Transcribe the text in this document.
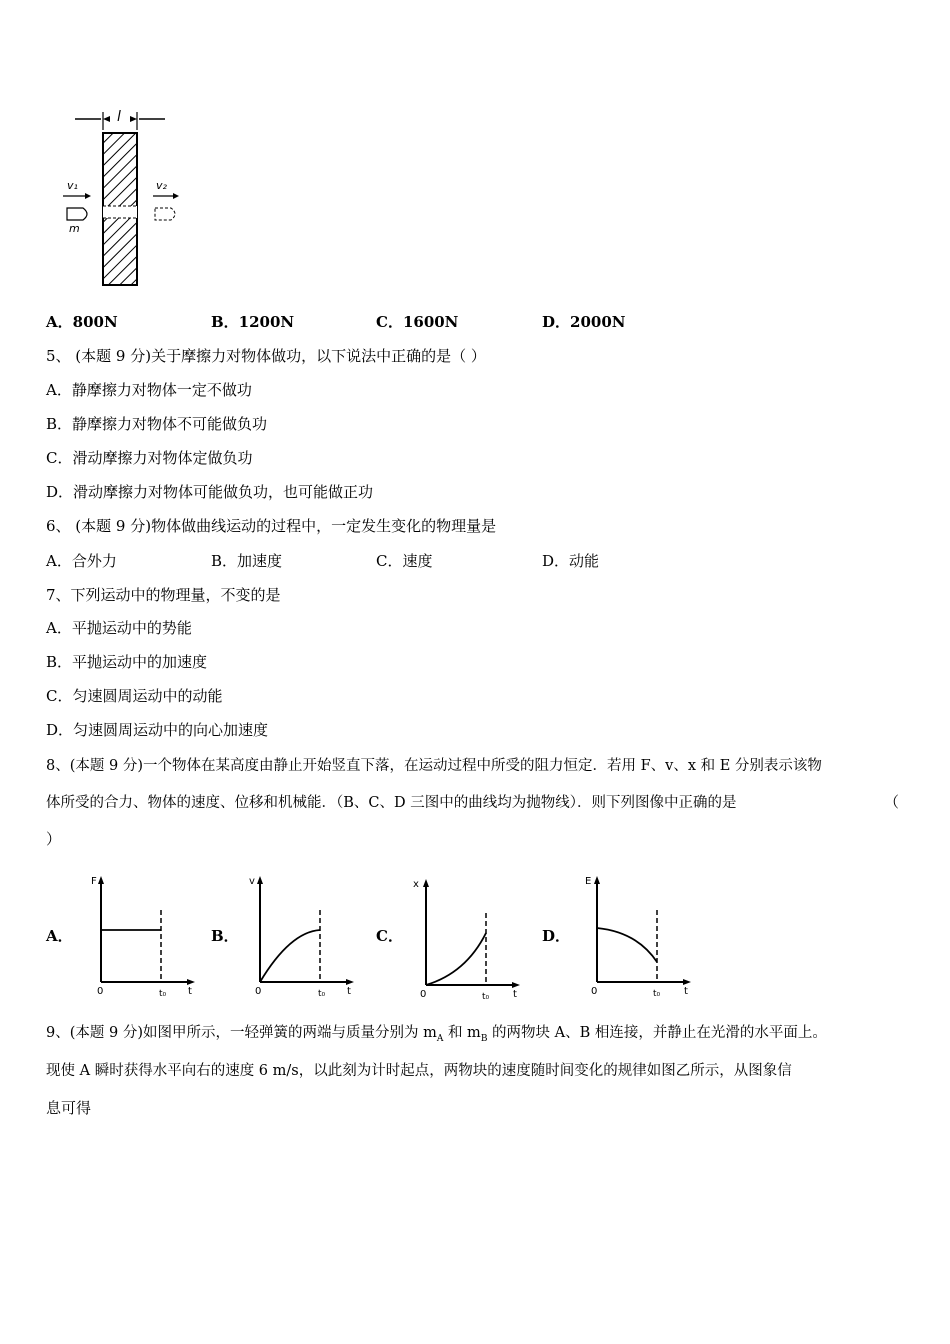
l
v₁
m
v₂
A．800N	B．1200N	C．1600N	D．2000N
5、 (本题 9 分)关于摩擦力对物体做功，以下说法中正确的是（ ）
A．静摩擦力对物体一定不做功
B．静摩擦力对物体不可能做负功
C．滑动摩擦力对物体定做负功
D．滑动摩擦力对物体可能做负功，也可能做正功
6、 (本题 9 分)物体做曲线运动的过程中，一定发生变化的物理量是
A．合外力	B．加速度	C．速度	D．动能
7、下列运动中的物理量，不变的是
A．平抛运动中的势能
B．平抛运动中的加速度
C．匀速圆周运动中的动能
D．匀速圆周运动中的向心加速度
8、(本题 9 分)一个物体在某高度由静止开始竖直下落，在运动过程中所受的阻力恒定．若用 F、v、x 和 E 分别表示该物
体所受的合力、物体的速度、位移和机械能．（B、C、D 三图中的曲线均为抛物线）．则下列图像中正确的是	（
）
A．	B．	C．	D．
F
0	t₀ t
v
0	t₀ t
x
0	t₀ t
E
0	t₀ t
9、(本题 9 分)如图甲所示，一轻弹簧的两端与质量分别为 $m_A$ 和 $m_B$ 的两物块 A、B 相连接，并静止在光滑的水平面上。
现使 A 瞬时获得水平向右的速度 6 m/s，以此刻为计时起点，两物块的速度随时间变化的规律如图乙所示，从图象信
息可得
